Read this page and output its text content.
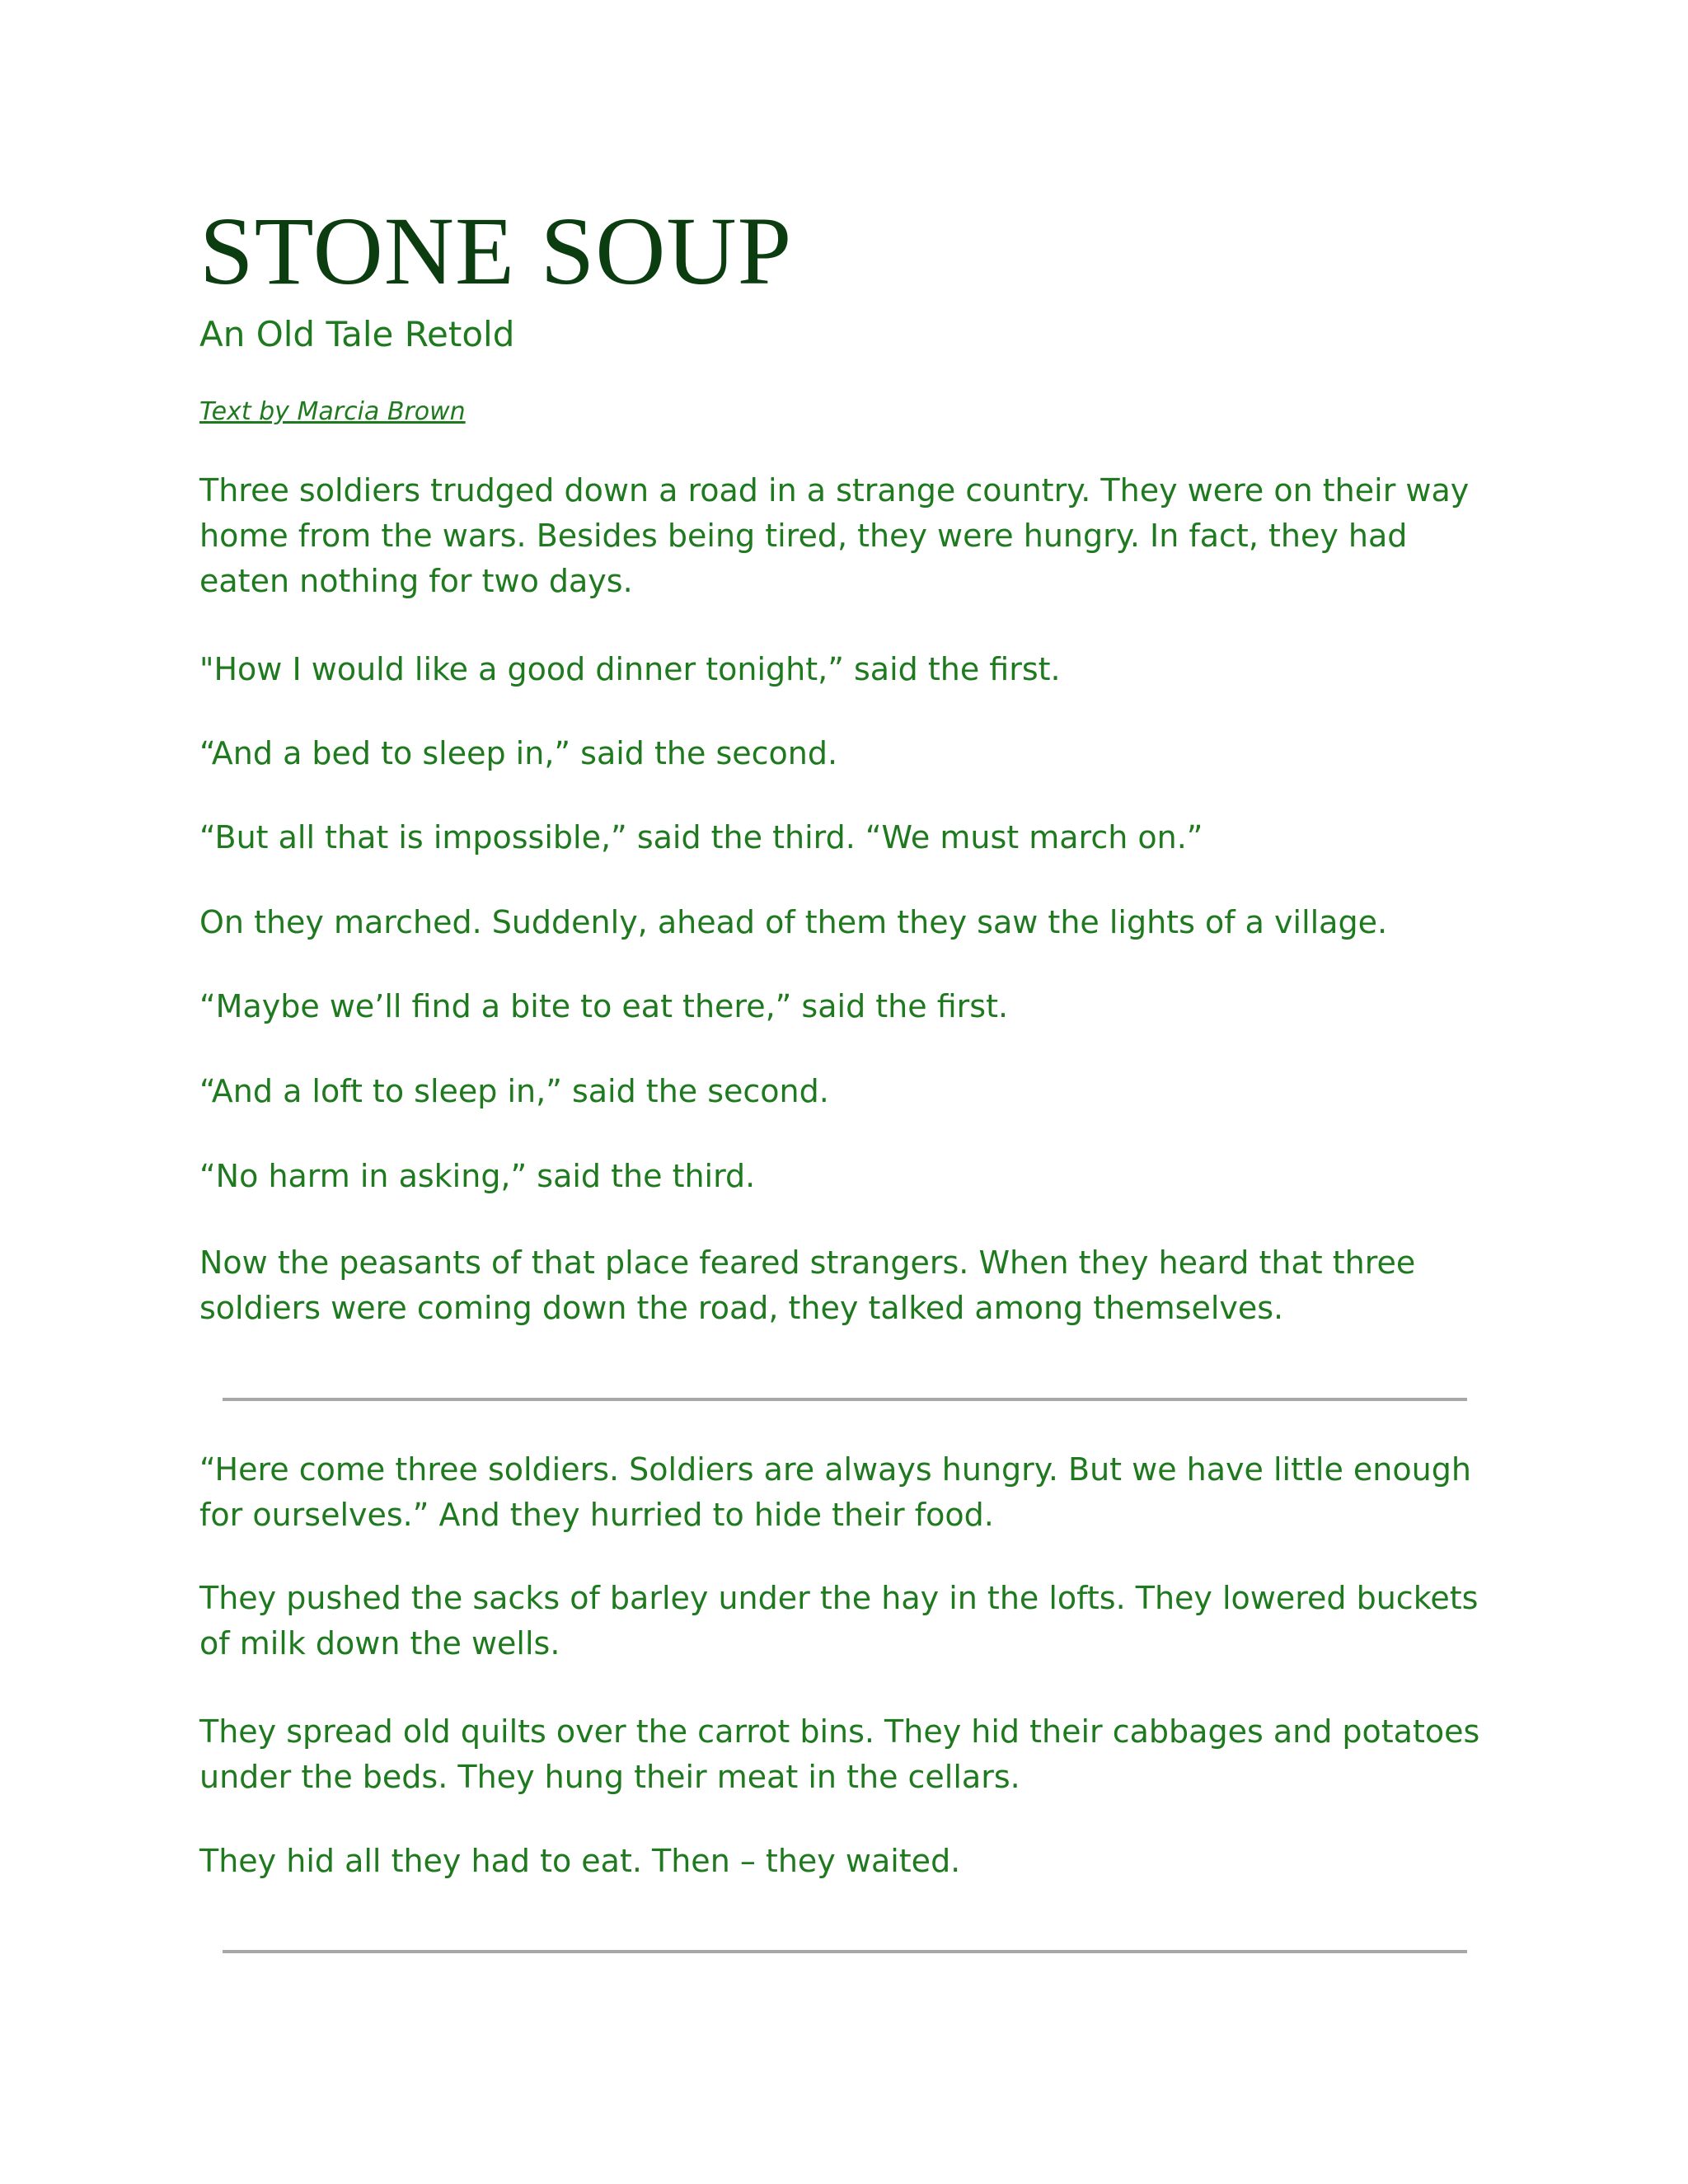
STONE SOUP
An Old Tale Retold
Text by Marcia Brown

Three soldiers trudged down a road in a strange country. They were on their way home from the wars. Besides being tired, they were hungry. In fact, they had eaten nothing for two days.

"How I would like a good dinner tonight,” said the first.

“And a bed to sleep in,” said the second.

“But all that is impossible,” said the third. “We must march on.”

On they marched. Suddenly, ahead of them they saw the lights of a village.

“Maybe we’ll find a bite to eat there,” said the first.

“And a loft to sleep in,” said the second.

“No harm in asking,” said the third.

Now the peasants of that place feared strangers. When they heard that three soldiers were coming down the road, they talked among themselves.

“Here come three soldiers. Soldiers are always hungry. But we have little enough for ourselves.” And they hurried to hide their food.

They pushed the sacks of barley under the hay in the lofts. They lowered buckets of milk down the wells.

They spread old quilts over the carrot bins. They hid their cabbages and potatoes under the beds. They hung their meat in the cellars.

They hid all they had to eat. Then – they waited.
